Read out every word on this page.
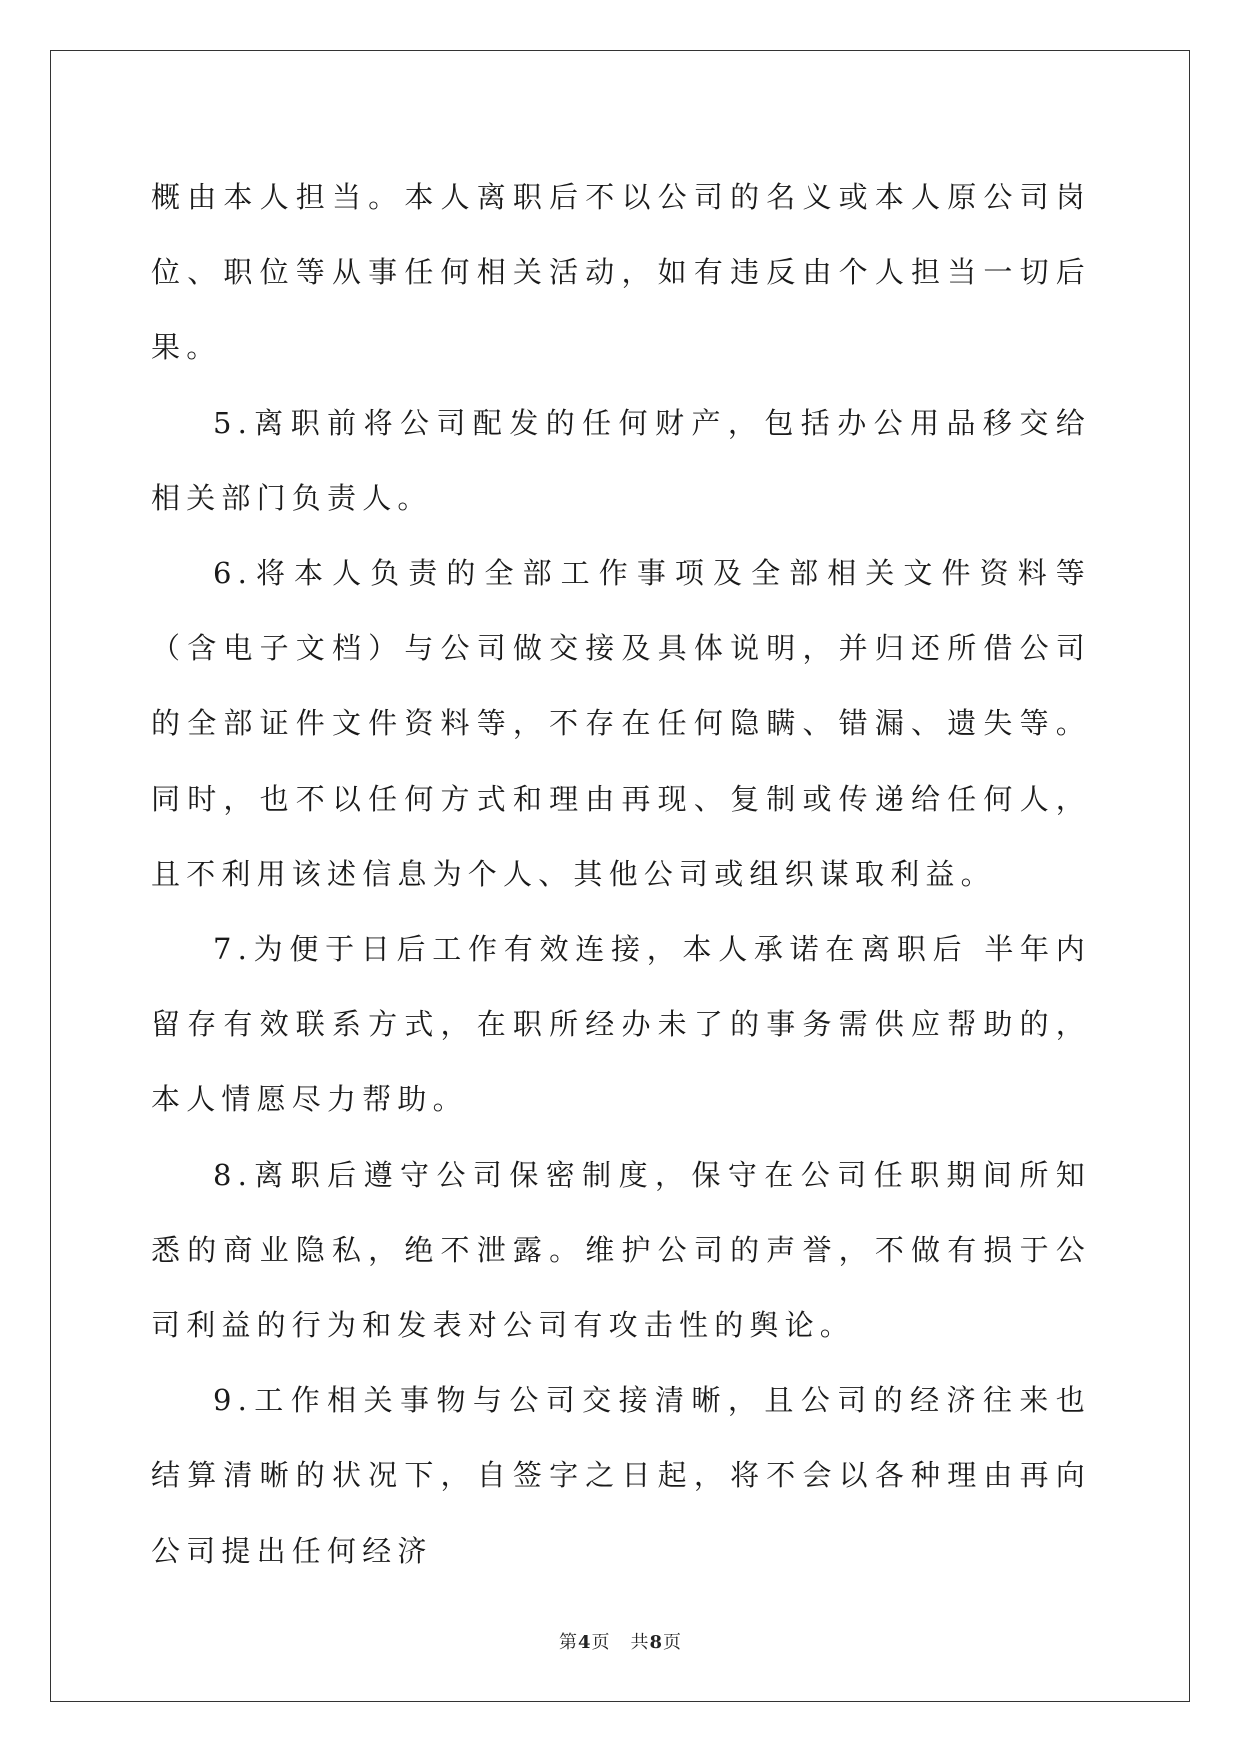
概由本人担当。本人离职后不以公司的名义或本人原公司岗位、职位等从事任何相关活动，如有违反由个人担当一切后果。

5.离职前将公司配发的任何财产，包括办公用品移交给相关部门负责人。

6.将本人负责的全部工作事项及全部相关文件资料等（含电子文档）与公司做交接及具体说明，并归还所借公司的全部证件文件资料等，不存在任何隐瞒、错漏、遗失等。同时，也不以任何方式和理由再现、复制或传递给任何人，且不利用该述信息为个人、其他公司或组织谋取利益。

7.为便于日后工作有效连接，本人承诺在离职后 半年内 留存有效联系方式，在职所经办未了的事务需供应帮助的，本人情愿尽力帮助。

8.离职后遵守公司保密制度，保守在公司任职期间所知悉的商业隐私，绝不泄露。维护公司的声誉，不做有损于公司利益的行为和发表对公司有攻击性的舆论。

9.工作相关事物与公司交接清晰，且公司的经济往来也结算清晰的状况下，自签字之日起，将不会以各种理由再向公司提出任何经济

第4页 共8页
